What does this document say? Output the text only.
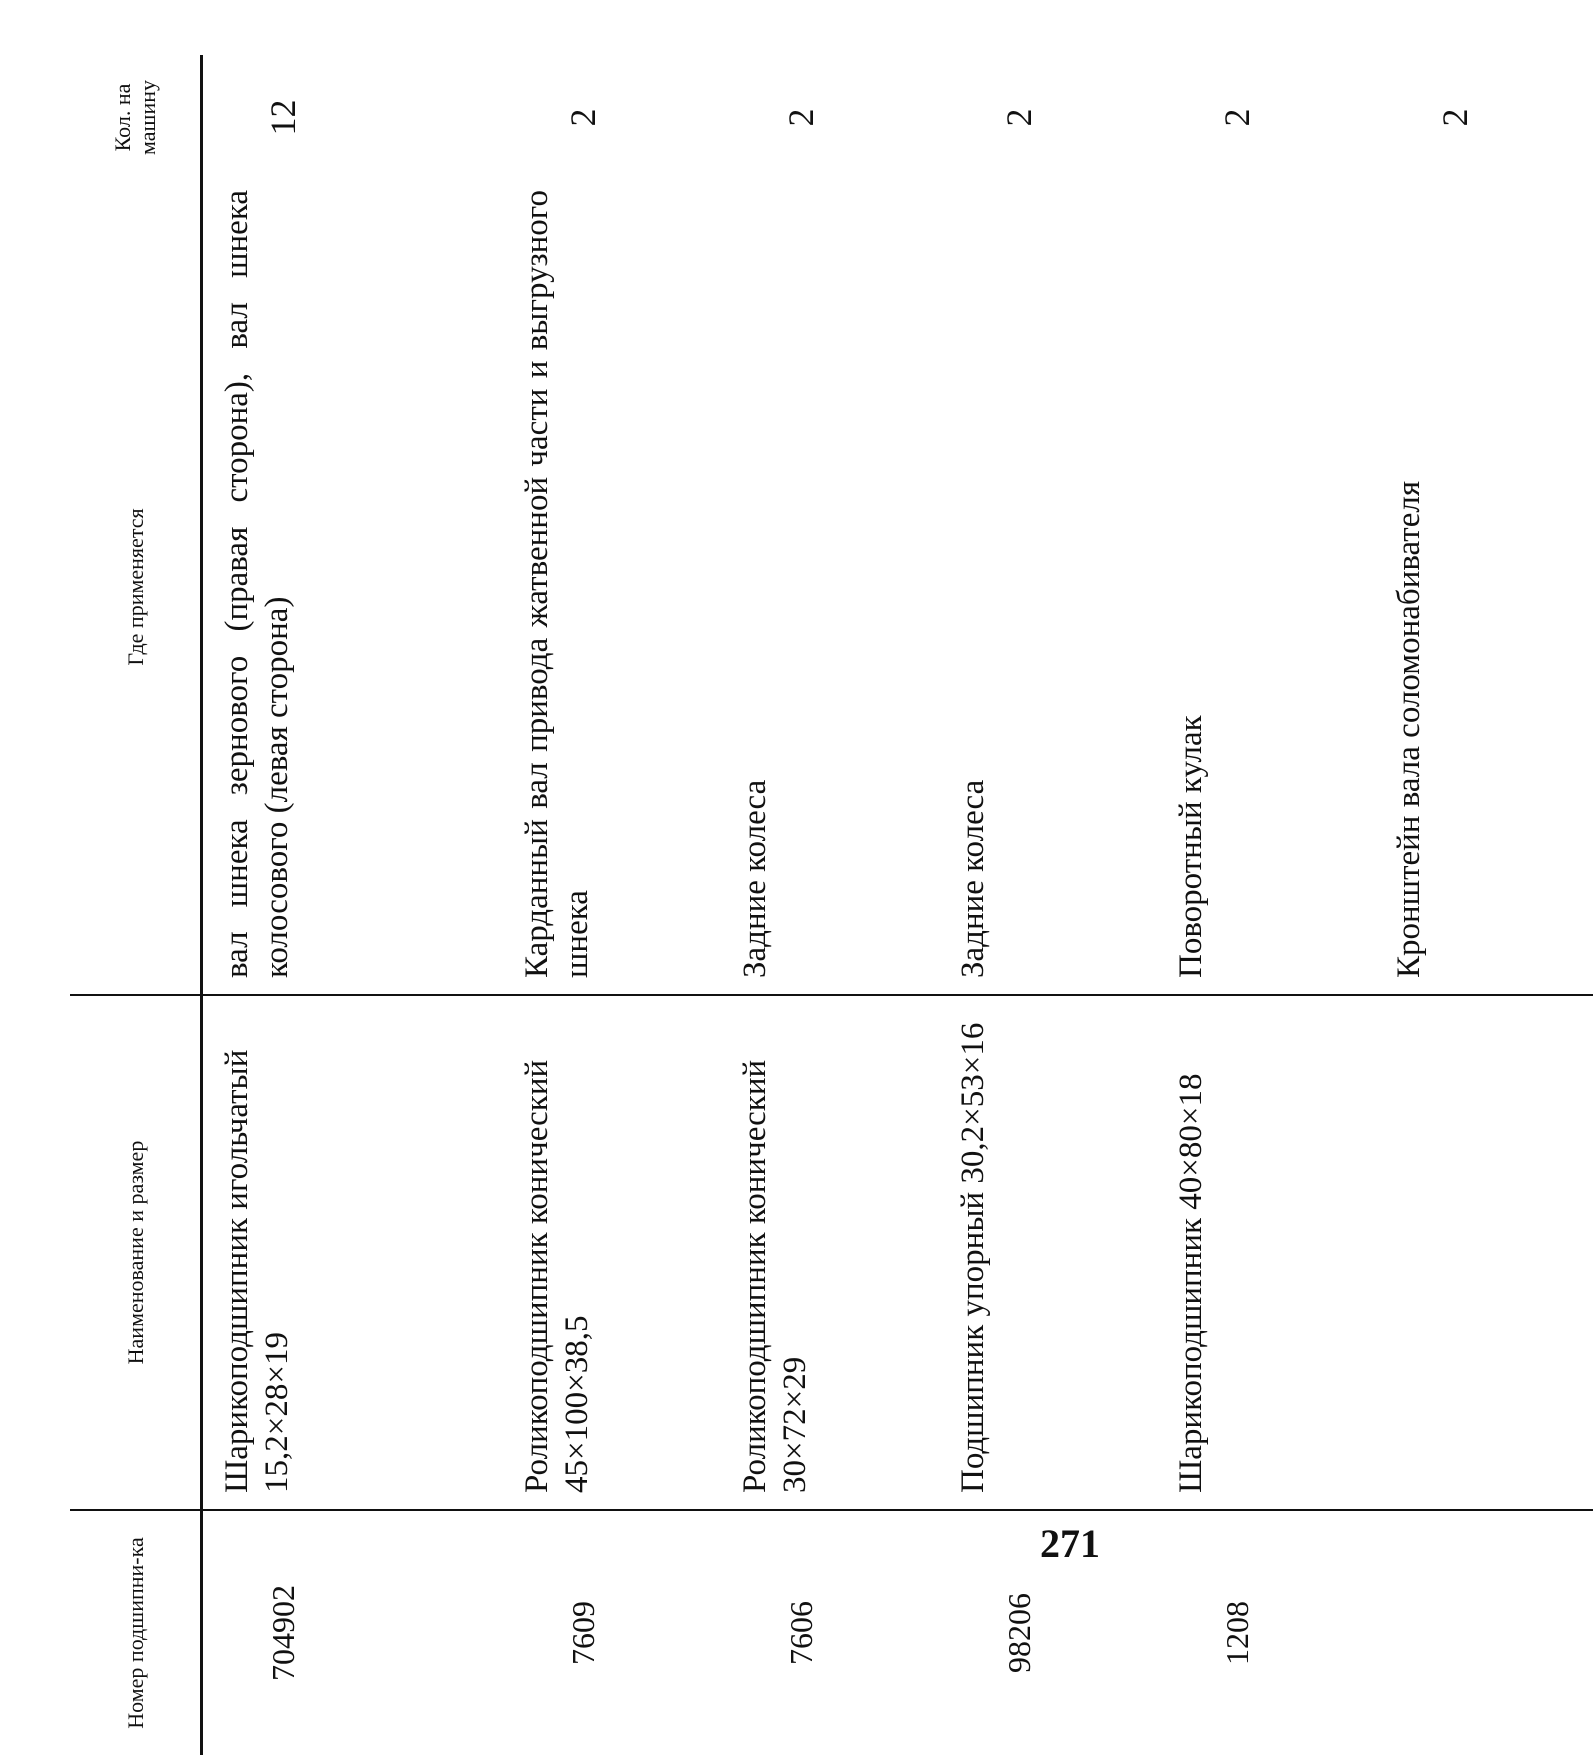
Номер подшипни-ка	Наименование и размер	Где применяется	Кол. на машину
704902	Шарикоподшипник игольчатый 15,2×28×19	вал шнека зернового (правая сторона), вал шнека колосового (левая сторона)	12
7609	Роликоподшипник конический 45×100×38,5	Карданный вал привода жатвенной части и выгрузного шнека	2
7606	Роликоподшипник конический 30×72×29	Задние колеса	2
98206	Подшипник упорный 30,2×53×16	Задние колеса	2
1208	Шарикоподшипник 40×80×18	Поворотный кулак	2
		Кронштейн вала соломонабивателя	2
271
